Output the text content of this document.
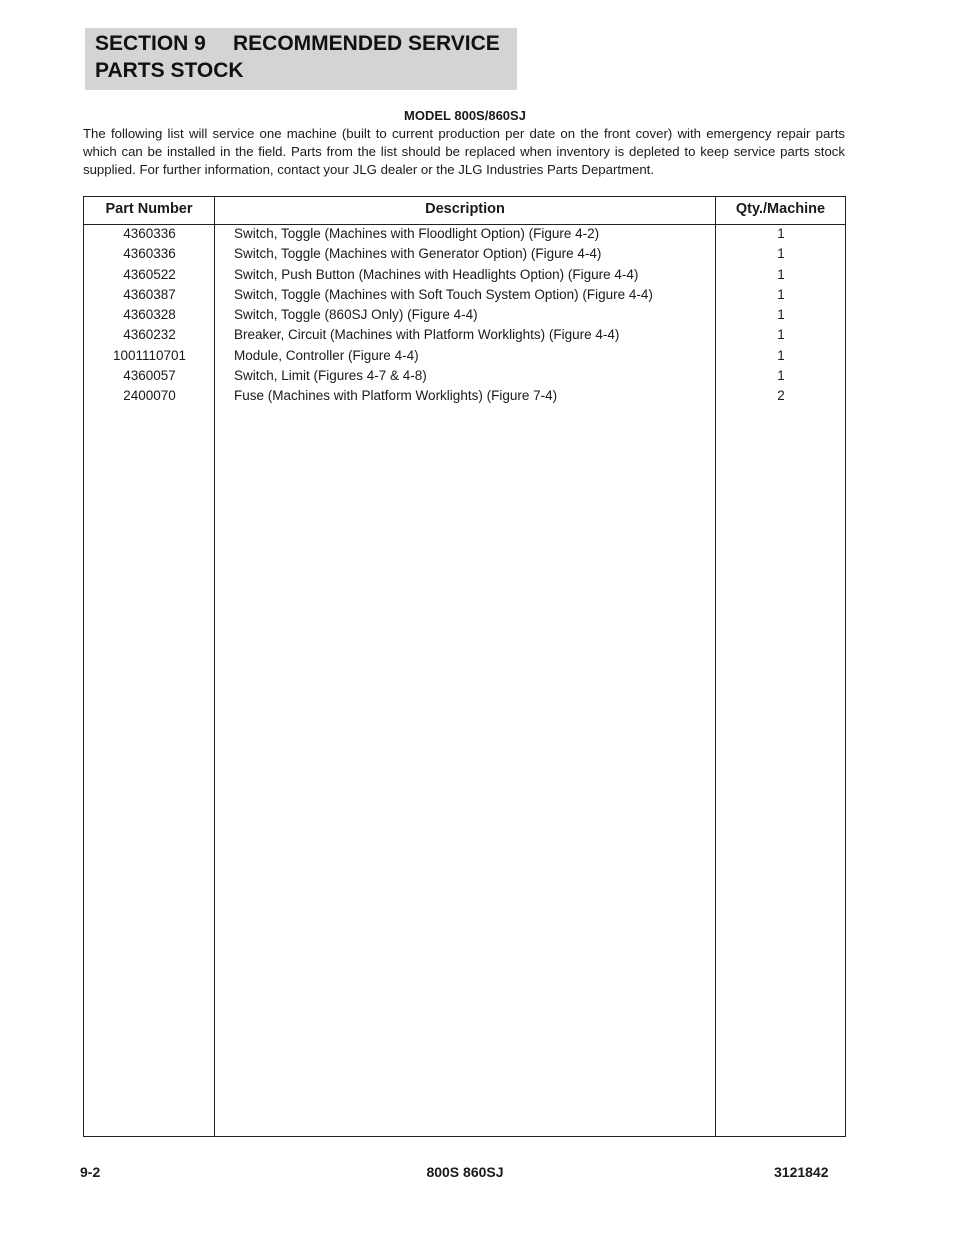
SECTION 9 RECOMMENDED SERVICE
PARTS STOCK
MODEL 800S/860SJ
The following list will service one machine (built to current production per date on the front cover) with emergency repair parts which can be installed in the field. Parts from the list should be replaced when inventory is depleted to keep service parts stock supplied. For further information, contact your JLG dealer or the JLG Industries Parts Department.
Part Number	Description	Qty./Machine
4360336	Switch, Toggle (Machines with Floodlight Option) (Figure 4-2)	1
4360336	Switch, Toggle (Machines with Generator Option) (Figure 4-4)	1
4360522	Switch, Push Button (Machines with Headlights Option) (Figure 4-4)	1
4360387	Switch, Toggle (Machines with Soft Touch System Option) (Figure 4-4)	1
4360328	Switch, Toggle (860SJ Only) (Figure 4-4)	1
4360232	Breaker, Circuit (Machines with Platform Worklights) (Figure 4-4)	1
1001110701	Module, Controller (Figure 4-4)	1
4360057	Switch, Limit (Figures 4-7 & 4-8)	1
2400070	Fuse (Machines with Platform Worklights) (Figure 7-4)	2
9-2	800S 860SJ	3121842
